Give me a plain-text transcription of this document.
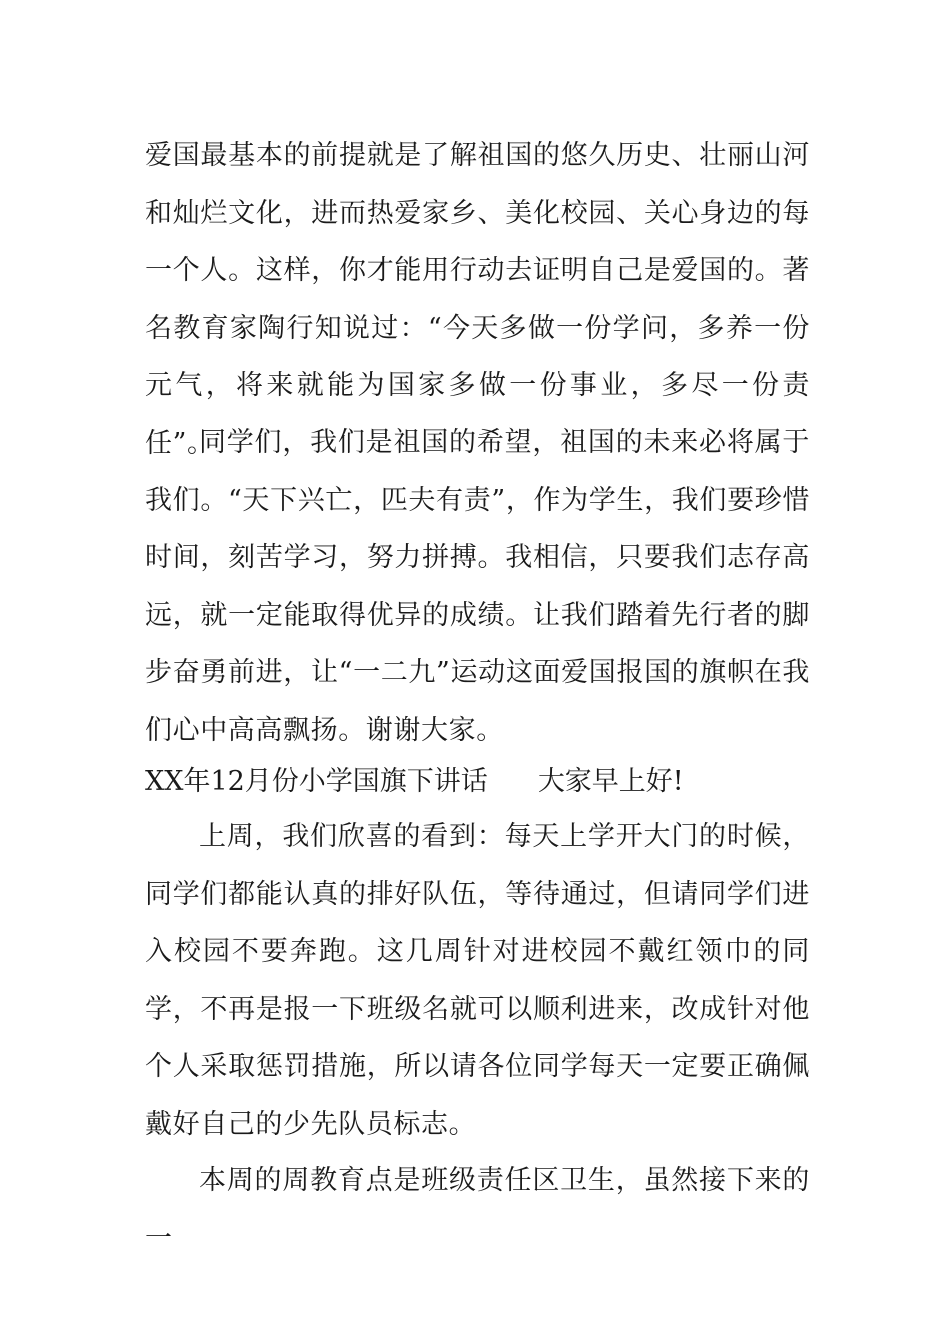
爱国最基本的前提就是了解祖国的悠久历史、壮丽山河和灿烂文化，进而热爱家乡、美化校园、关心身边的每一个人。这样，你才能用行动去证明自己是爱国的。著名教育家陶行知说过：“今天多做一份学问，多养一份元气，将来就能为国家多做一份事业，多尽一份责任”。

同学们，我们是祖国的希望，祖国的未来必将属于我们。“天下兴亡，匹夫有责”，作为学生，我们要珍惜时间，刻苦学习，努力拼搏。我相信，只要我们志存高远，就一定能取得优异的成绩。让我们踏着先行者的脚步奋勇前进，让“一二九”运动这面爱国报国的旗帜在我们心中高高飘扬。谢谢大家。

XX年12月份小学国旗下讲话 大家早上好!

上周，我们欣喜的看到：每天上学开大门的时候，同学们都能认真的排好队伍，等待通过，但请同学们进入校园不要奔跑。这几周针对进校园不戴红领巾的同学，不再是报一下班级名就可以顺利进来，改成针对他个人采取惩罚措施，所以请各位同学每天一定要正确佩戴好自己的少先队员标志。

本周的周教育点是班级责任区卫生，虽然接下来的一
